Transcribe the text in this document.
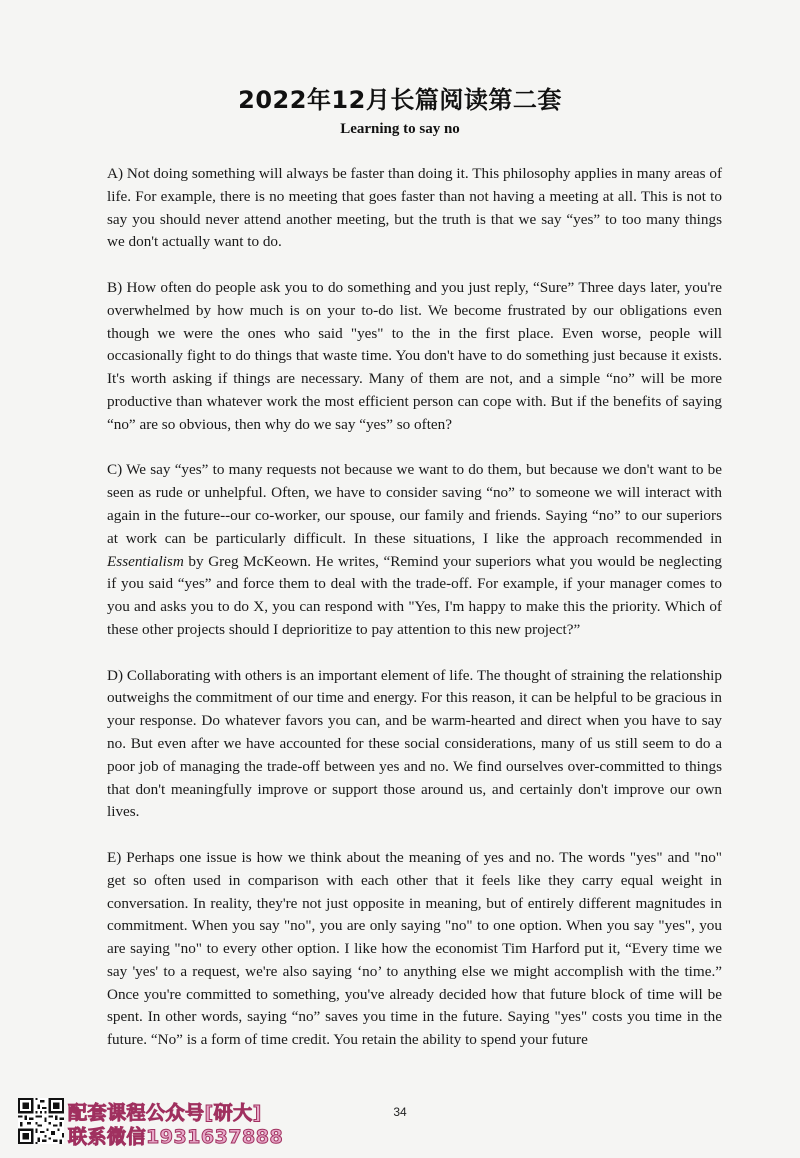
2022年12月长篇阅读第二套
Learning to say no

A) Not doing something will always be faster than doing it. This philosophy applies in many areas of life. For example, there is no meeting that goes faster than not having a meeting at all. This is not to say you should never attend another meeting, but the truth is that we say “yes” to too many things we don't actually want to do.

B) How often do people ask you to do something and you just reply, “Sure” Three days later, you're overwhelmed by how much is on your to-do list. We become frustrated by our obligations even though we were the ones who said "yes" to the in the first place. Even worse, people will occasionally fight to do things that waste time. You don't have to do something just because it exists. It's worth asking if things are necessary. Many of them are not, and a simple “no” will be more productive than whatever work the most efficient person can cope with. But if the benefits of saying “no” are so obvious, then why do we say “yes” so often?

C) We say “yes” to many requests not because we want to do them, but because we don't want to be seen as rude or unhelpful. Often, we have to consider saving “no” to someone we will interact with again in the future--our co-worker, our spouse, our family and friends. Saying “no” to our superiors at work can be particularly difficult. In these situations, I like the approach recommended in Essentialism by Greg McKeown. He writes, “Remind your superiors what you would be neglecting if you said “yes” and force them to deal with the trade-off. For example, if your manager comes to you and asks you to do X, you can respond with "Yes, I'm happy to make this the priority. Which of these other projects should I deprioritize to pay attention to this new project?”

D) Collaborating with others is an important element of life. The thought of straining the relationship outweighs the commitment of our time and energy. For this reason, it can be helpful to be gracious in your response. Do whatever favors you can, and be warm-hearted and direct when you have to say no. But even after we have accounted for these social considerations, many of us still seem to do a poor job of managing the trade-off between yes and no. We find ourselves over-committed to things that don't meaningfully improve or support those around us, and certainly don't improve our own lives.

E) Perhaps one issue is how we think about the meaning of yes and no. The words "yes" and "no" get so often used in comparison with each other that it feels like they carry equal weight in conversation. In reality, they're not just opposite in meaning, but of entirely different magnitudes in commitment. When you say "no", you are only saying "no" to one option. When you say "yes", you are saying "no" to every other option. I like how the economist Tim Harford put it, “Every time we say 'yes' to a request, we're also saying ‘no’ to anything else we might accomplish with the time.” Once you're committed to something, you've already decided how that future block of time will be spent. In other words, saying “no” saves you time in the future. Saying "yes" costs you time in the future. “No” is a form of time credit. You retain the ability to spend your future

34
配套课程公众号[研大]
联系微信1931637888
